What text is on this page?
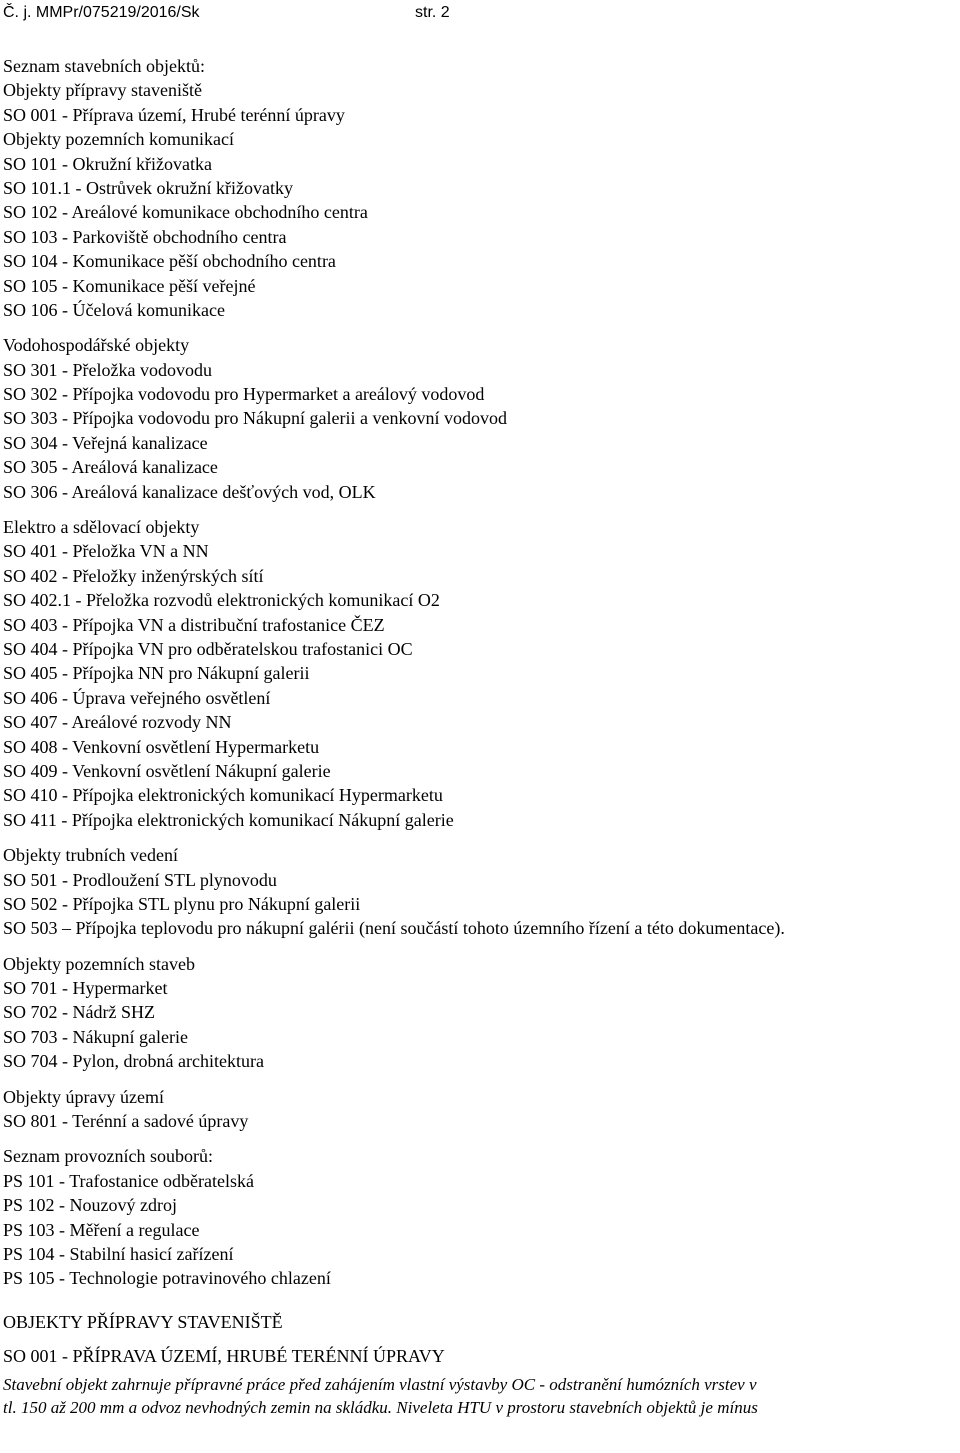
Č. j. MMPr/075219/2016/Sk	str. 2
Seznam stavebních objektů:
Objekty přípravy staveniště
SO 001 - Příprava území, Hrubé terénní úpravy
Objekty pozemních komunikací
SO 101 - Okružní křižovatka
SO 101.1 - Ostrůvek okružní křižovatky
SO 102 - Areálové komunikace obchodního centra
SO 103 - Parkoviště obchodního centra
SO 104 - Komunikace pěší obchodního centra
SO 105 - Komunikace pěší veřejné
SO 106 - Účelová komunikace
Vodohospodářské objekty
SO 301 - Přeložka vodovodu
SO 302 - Přípojka vodovodu pro Hypermarket a areálový vodovod
SO 303 - Přípojka vodovodu pro Nákupní galerii a venkovní vodovod
SO 304 - Veřejná kanalizace
SO 305 - Areálová kanalizace
SO 306 - Areálová kanalizace dešťových vod, OLK
Elektro a sdělovací objekty
SO 401 - Přeložka VN a NN
SO 402 - Přeložky inženýrských sítí
SO 402.1 - Přeložka rozvodů elektronických komunikací O2
SO 403 - Přípojka VN a distribuční trafostanice ČEZ
SO 404 - Přípojka VN pro odběratelskou trafostanici OC
SO 405 - Přípojka NN pro Nákupní galerii
SO 406 - Úprava veřejného osvětlení
SO 407 - Areálové rozvody NN
SO 408 - Venkovní osvětlení Hypermarketu
SO 409 - Venkovní osvětlení Nákupní galerie
SO 410 - Přípojka elektronických komunikací Hypermarketu
SO 411 - Přípojka elektronických komunikací Nákupní galerie
Objekty trubních vedení
SO 501 - Prodloužení STL plynovodu
SO 502 - Přípojka STL plynu pro Nákupní galerii
SO 503 – Přípojka teplovodu pro nákupní galérii (není součástí tohoto územního řízení a této dokumentace).
Objekty pozemních staveb
SO 701 - Hypermarket
SO 702 - Nádrž SHZ
SO 703 - Nákupní galerie
SO 704 - Pylon, drobná architektura
Objekty úpravy území
SO 801 - Terénní a sadové úpravy
Seznam provozních souborů:
PS 101 - Trafostanice odběratelská
PS 102 - Nouzový zdroj
PS 103 - Měření a regulace
PS 104 - Stabilní hasicí zařízení
PS 105 - Technologie potravinového chlazení
OBJEKTY PŘÍPRAVY STAVENIŠTĚ
SO 001 - PŘÍPRAVA ÚZEMÍ, HRUBÉ TERÉNNÍ ÚPRAVY
Stavební objekt zahrnuje přípravné práce před zahájením vlastní výstavby OC - odstranění humózních vrstev v
tl. 150 až 200 mm a odvoz nevhodných zemin na skládku. Niveleta HTU v prostoru stavebních objektů je mínus
